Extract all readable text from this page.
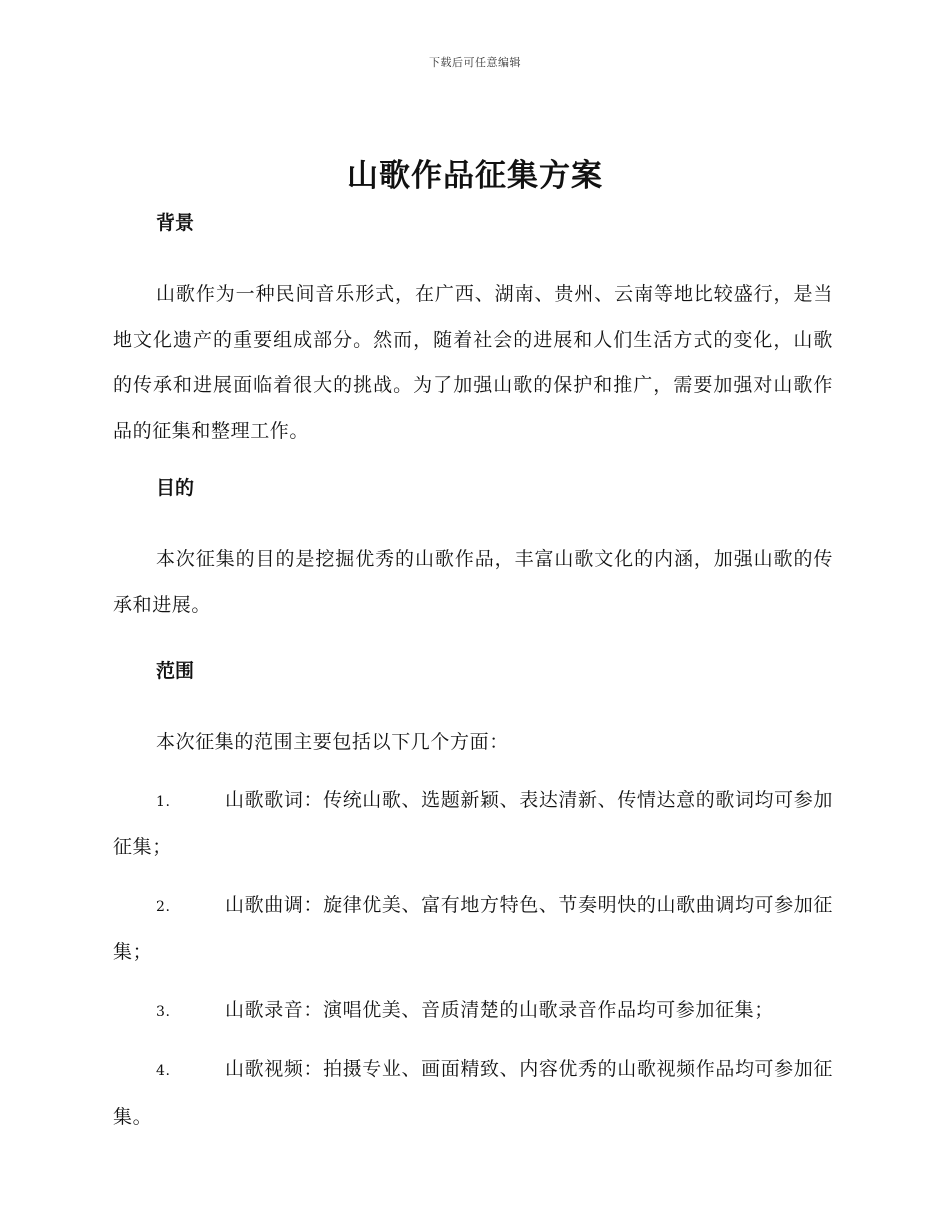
下载后可任意编辑
山歌作品征集方案
背景

山歌作为一种民间音乐形式，在广西、湖南、贵州、云南等地比较盛行，是当地文化遗产的重要组成部分。然而，随着社会的进展和人们生活方式的变化，山歌的传承和进展面临着很大的挑战。为了加强山歌的保护和推广，需要加强对山歌作品的征集和整理工作。

目的

本次征集的目的是挖掘优秀的山歌作品，丰富山歌文化的内涵，加强山歌的传承和进展。

范围

本次征集的范围主要包括以下几个方面：

1.	山歌歌词：传统山歌、选题新颖、表达清新、传情达意的歌词均可参加征集；

2.	山歌曲调：旋律优美、富有地方特色、节奏明快的山歌曲调均可参加征集；

3.	山歌录音：演唱优美、音质清楚的山歌录音作品均可参加征集；

4.	山歌视频：拍摄专业、画面精致、内容优秀的山歌视频作品均可参加征集。
